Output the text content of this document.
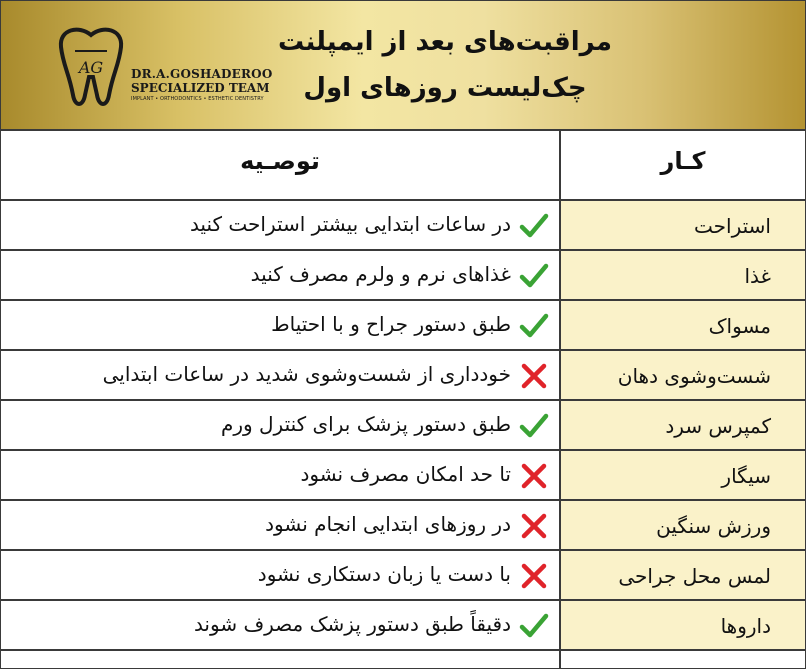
AG DR.A.GOSHADEROO
SPECIALIZED TEAM
IMPLANT • ORTHODONTICS • ESTHETIC DENTISTRY
مراقبت‌های بعد از ایمپلنت
چک‌لیست روزهای اول
کـار
توصـیه
در ساعات ابتدایی بیشتر استراحت کنید	استراحت
غذاهای نرم و ولرم مصرف کنید	غذا
طبق دستور جراح و با احتیاط	مسواک
خودداری از شست‌وشوی شدید در ساعات ابتدایی	شست‌وشوی دهان
طبق دستور پزشک برای کنترل ورم	کمپرس سرد
تا حد امکان مصرف نشود	سیگار
در روزهای ابتدایی انجام نشود	ورزش سنگین
با دست یا زبان دستکاری نشود	لمس محل جراحی
دقیقاً طبق دستور پزشک مصرف شوند	داروها
